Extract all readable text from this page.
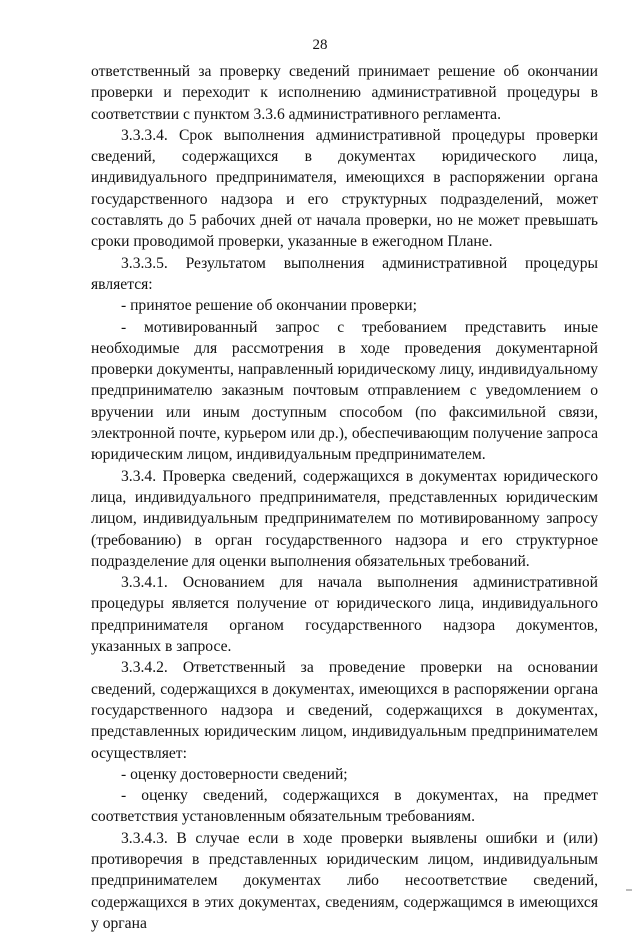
28

ответственный за проверку сведений принимает решение об окончании проверки и переходит к исполнению административной процедуры в соответствии с пунктом 3.3.6 административного регламента.

3.3.3.4. Срок выполнения административной процедуры проверки сведений, содержащихся в документах юридического лица, индивидуального предпринимателя, имеющихся в распоряжении органа государственного надзора и его структурных подразделений, может составлять до 5 рабочих дней от начала проверки, но не может превышать сроки проводимой проверки, указанные в ежегодном Плане.

3.3.3.5. Результатом выполнения административной процедуры является:

- принятое решение об окончании проверки;

- мотивированный запрос с требованием представить иные необходимые для рассмотрения в ходе проведения документарной проверки документы, направленный юридическому лицу, индивидуальному предпринимателю заказным почтовым отправлением с уведомлением о вручении или иным доступным способом (по факсимильной связи, электронной почте, курьером или др.), обеспечивающим получение запроса юридическим лицом, индивидуальным предпринимателем.

3.3.4. Проверка сведений, содержащихся в документах юридического лица, индивидуального предпринимателя, представленных юридическим лицом, индивидуальным предпринимателем по мотивированному запросу (требованию) в орган государственного надзора и его структурное подразделение для оценки выполнения обязательных требований.

3.3.4.1. Основанием для начала выполнения административной процедуры является получение от юридического лица, индивидуального предпринимателя органом государственного надзора документов, указанных в запросе.

3.3.4.2. Ответственный за проведение проверки на основании сведений, содержащихся в документах, имеющихся в распоряжении органа государственного надзора и сведений, содержащихся в документах, представленных юридическим лицом, индивидуальным предпринимателем осуществляет:

- оценку достоверности сведений;

- оценку сведений, содержащихся в документах, на предмет соответствия установленным обязательным требованиям.

3.3.4.3. В случае если в ходе проверки выявлены ошибки и (или) противоречия в представленных юридическим лицом, индивидуальным предпринимателем документах либо несоответствие сведений, содержащихся в этих документах, сведениям, содержащимся в имеющихся у органа
